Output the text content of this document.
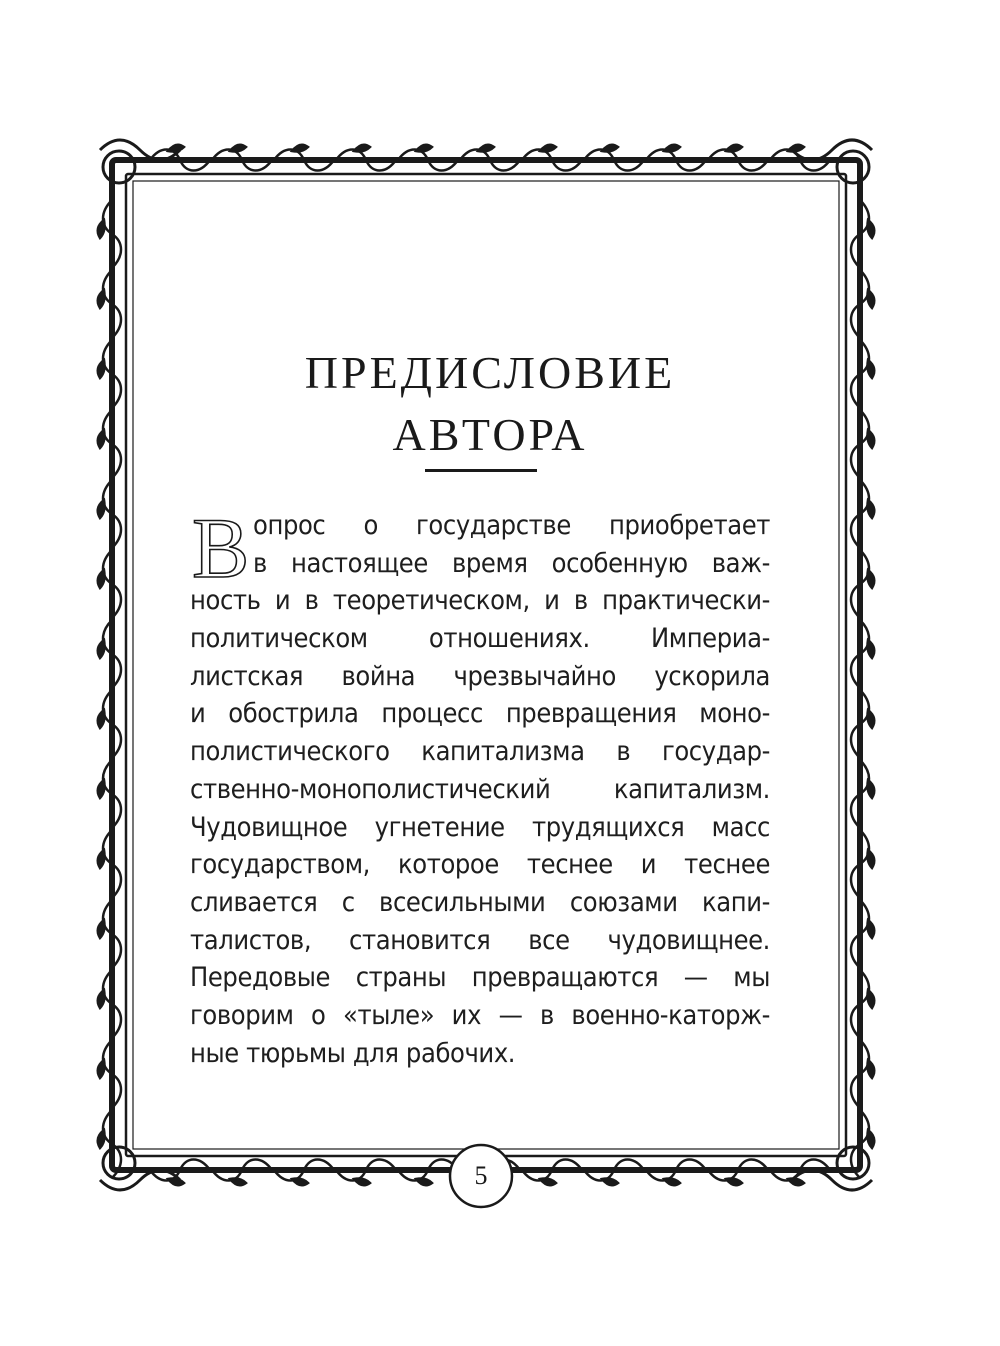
ПРЕДИСЛОВИЕ
АВТОРА
В опрос о государстве приобретает
в настоящее время особенную важ-
ность и в теоретическом, и в практически-
политическом отношениях. Империа-
листская война чрезвычайно ускорила
и обострила процесс превращения моно-
полистического капитализма в государ-
ственно-монополистический капитализм.
Чудовищное угнетение трудящихся масс
государством, которое теснее и теснее
сливается с всесильными союзами капи-
талистов, становится все чудовищнее.
Передовые страны превращаются — мы
говорим о «тыле» их — в военно-каторж-
ные тюрьмы для рабочих.
5
